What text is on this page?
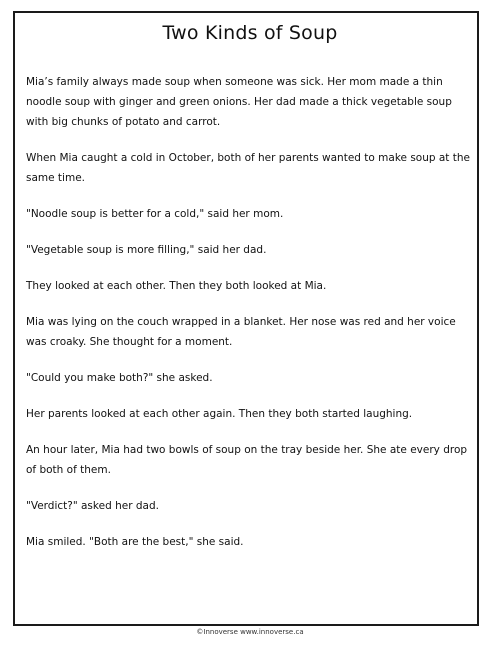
Two Kinds of Soup

Mia’s family always made soup when someone was sick. Her mom made a thin noodle soup with ginger and green onions. Her dad made a thick vegetable soup with big chunks of potato and carrot.

When Mia caught a cold in October, both of her parents wanted to make soup at the same time.

"Noodle soup is better for a cold," said her mom.

"Vegetable soup is more filling," said her dad.

They looked at each other. Then they both looked at Mia.

Mia was lying on the couch wrapped in a blanket. Her nose was red and her voice was croaky. She thought for a moment.

"Could you make both?" she asked.

Her parents looked at each other again. Then they both started laughing.

An hour later, Mia had two bowls of soup on the tray beside her. She ate every drop of both of them.

"Verdict?" asked her dad.

Mia smiled. "Both are the best," she said.

©Innoverse www.innoverse.ca
